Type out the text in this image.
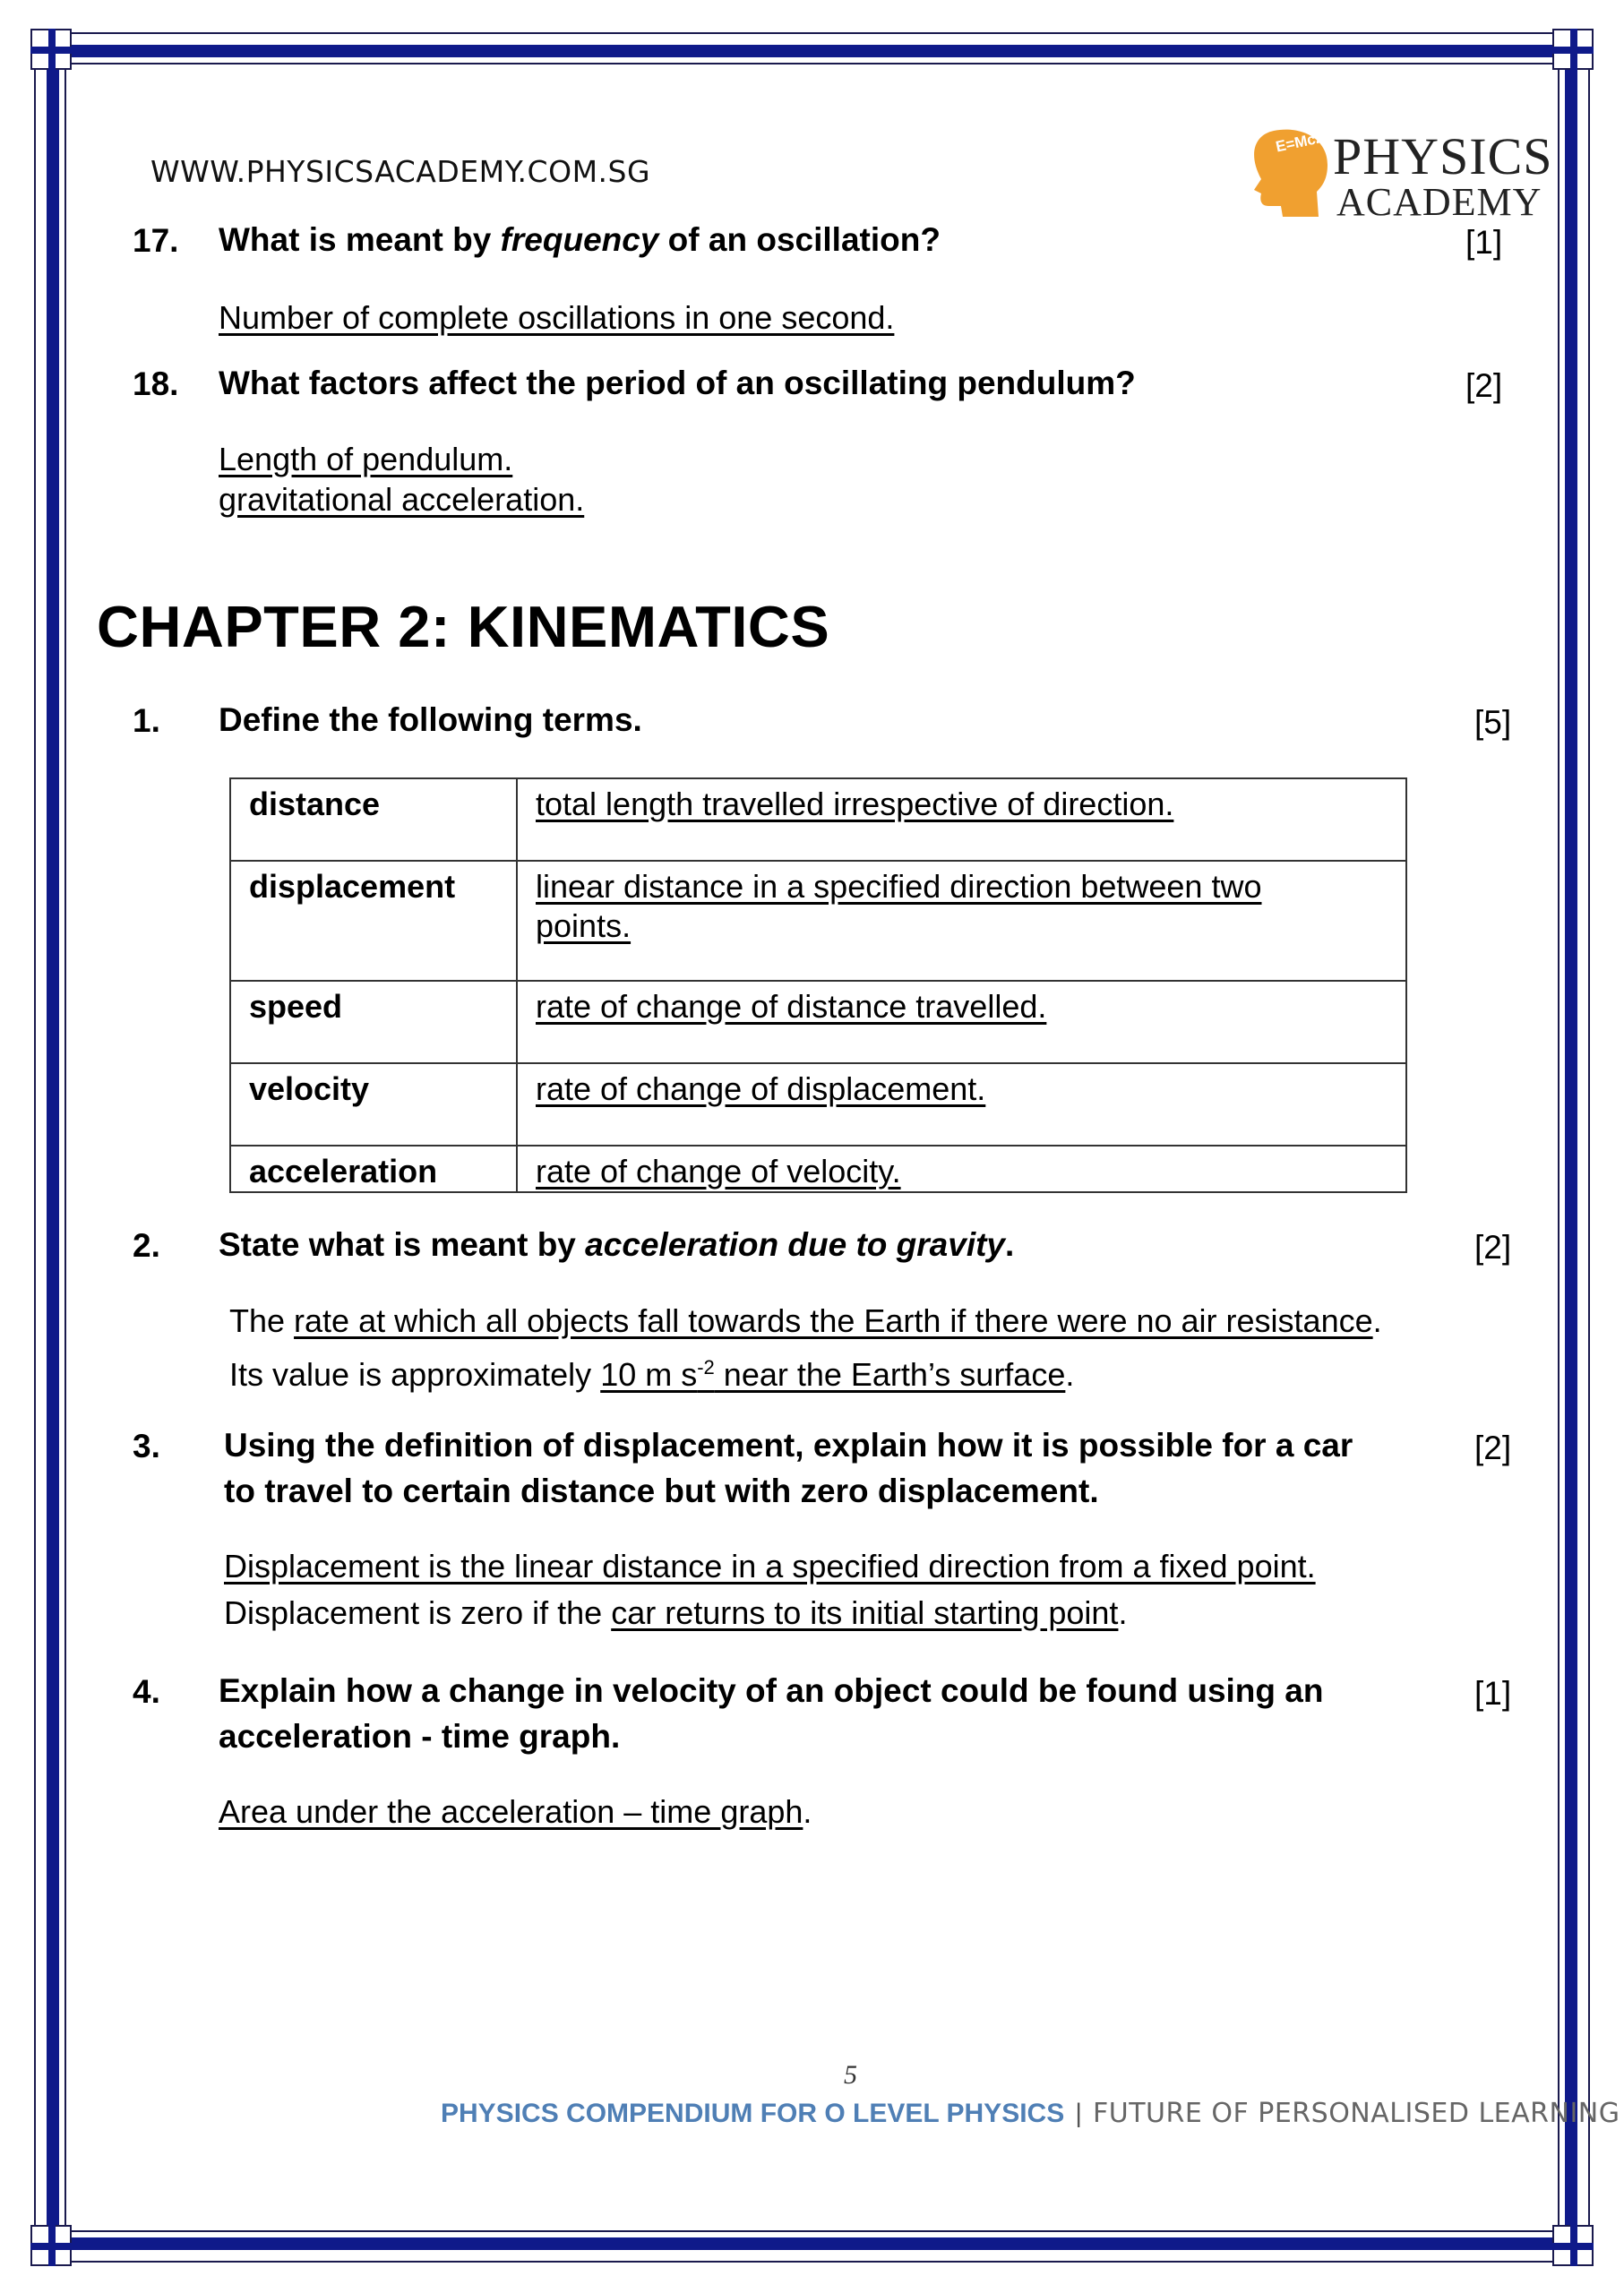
WWW.PHYSICSACADEMY.COM.SG
E=Mc2 PHYSICS
ACADEMY
17. What is meant by frequency of an oscillation?	[1]
Number of complete oscillations in one second.
18. What factors affect the period of an oscillating pendulum?	[2]
Length of pendulum.
gravitational acceleration.
CHAPTER 2: KINEMATICS
1. Define the following terms.	[5]
distance	total length travelled irrespective of direction.
displacement	linear distance in a specified direction between two
points.
speed	rate of change of distance travelled.
velocity	rate of change of displacement.
acceleration	rate of change of velocity.
2. State what is meant by acceleration due to gravity.	[2]
The rate at which all objects fall towards the Earth if there were no air resistance.
Its value is approximately 10 m $s^{-2}$ near the Earth’s surface.
3. Using the definition of displacement, explain how it is possible for a car
to travel to certain distance but with zero displacement.
[2]
Displacement is the linear distance in a specified direction from a fixed point.
Displacement is zero if the car returns to its initial starting point.
4. Explain how a change in velocity of an object could be found using an
acceleration - time graph.
[1]
Area under the acceleration – time graph.
5
PHYSICS COMPENDIUM FOR O LEVEL PHYSICS | FUTURE OF PERSONALISED LEARNING
